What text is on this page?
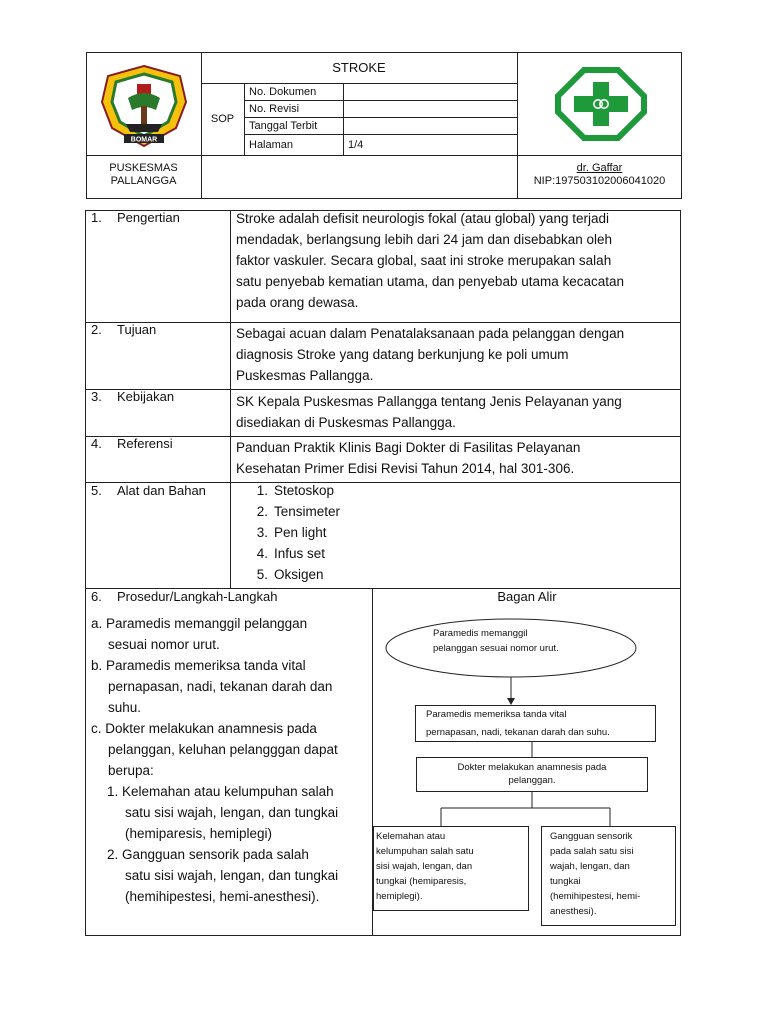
BOMAR
STROKE
SOP
No. Dokumen
No. Revisi
Tanggal Terbit
Halaman	1/4
PUSKESMAS
PALLANGGA
dr. Gaffar
NIP:197503102006041020
1. Pengertian	Stroke adalah defisit neurologis fokal (atau global) yang terjadi
mendadak, berlangsung lebih dari 24 jam dan disebabkan oleh
faktor vaskuler. Secara global, saat ini stroke merupakan salah
satu penyebab kematian utama, dan penyebab utama kecacatan
pada orang dewasa.
2. Tujuan	Sebagai acuan dalam Penatalaksanaan pada pelanggan dengan
diagnosis Stroke yang datang berkunjung ke poli umum
Puskesmas Pallangga.
3. Kebijakan	SK Kepala Puskesmas Pallangga tentang Jenis Pelayanan yang
disediakan di Puskesmas Pallangga.
4. Referensi	Panduan Praktik Klinis Bagi Dokter di Fasilitas Pelayanan
Kesehatan Primer Edisi Revisi Tahun 2014, hal 301-306.
5. Alat dan Bahan	1. Stetoskop
2. Tensimeter
3. Pen light
4. Infus set
5. Oksigen
6. Prosedur/Langkah-Langkah
a. Paramedis memanggil pelanggan
sesuai nomor urut.
b. Paramedis memeriksa tanda vital
pernapasan, nadi, tekanan darah dan
suhu.
c. Dokter melakukan anamnesis pada
pelanggan, keluhan pelangggan dapat
berupa:
1. Kelemahan atau kelumpuhan salah
satu sisi wajah, lengan, dan tungkai
(hemiparesis, hemiplegi)
2. Gangguan sensorik pada salah
satu sisi wajah, lengan, dan tungkai
(hemihipestesi, hemi-anesthesi).
Bagan Alir
Paramedis memanggil
pelanggan sesuai nomor urut.
Paramedis memeriksa tanda vital
pernapasan, nadi, tekanan darah dan suhu.
Dokter melakukan anamnesis pada
pelanggan.
Kelemahan atau
kelumpuhan salah satu
sisi wajah, lengan, dan
tungkai (hemiparesis,
hemiplegi).
Gangguan sensorik
pada salah satu sisi
wajah, lengan, dan
tungkai
(hemihipestesi, hemi-
anesthesi).
